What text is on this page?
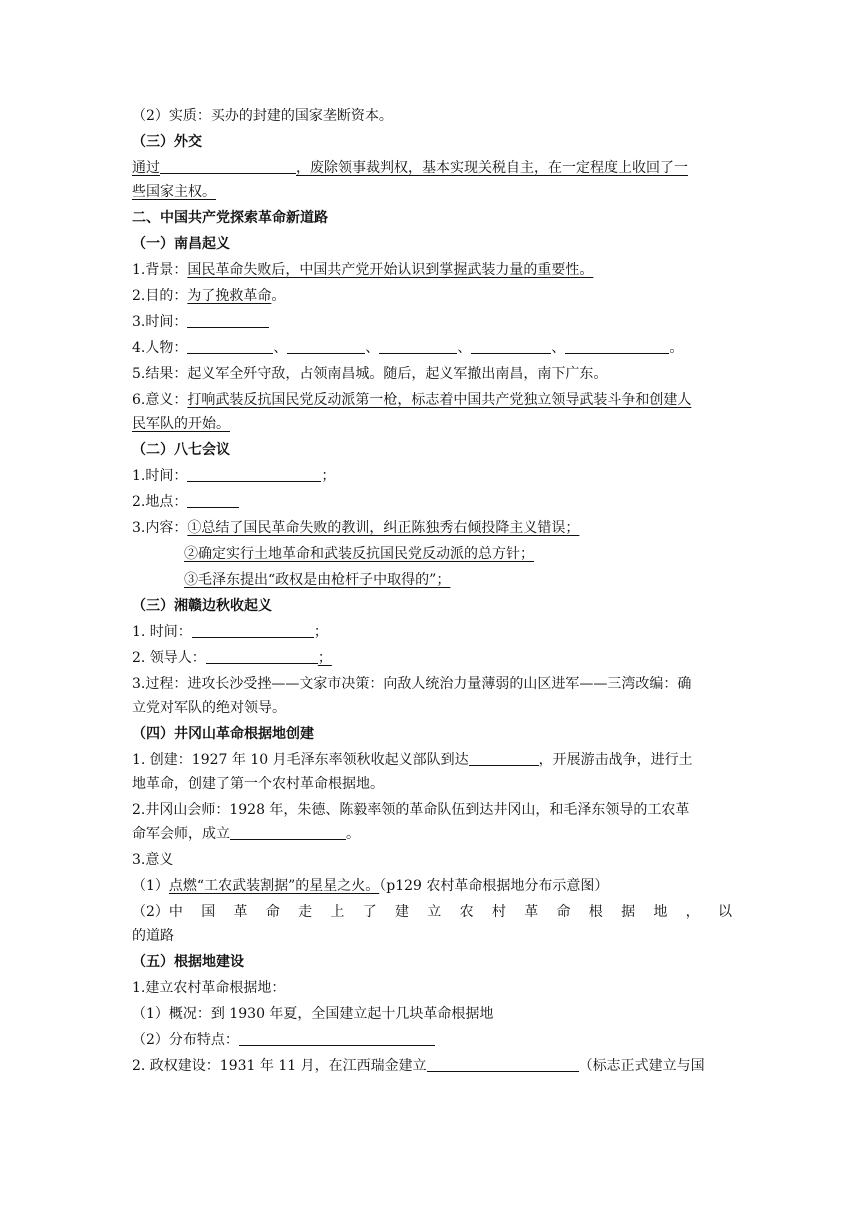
（2）实质：买办的封建的国家垄断资本。

（三）外交

通过	，废除领事裁判权，基本实现关税自主，在一定程度上收回了一

些国家主权。

二、中国共产党探索革命新道路

（一）南昌起义

1.背景：国民革命失败后，中国共产党开始认识到掌握武装力量的重要性。

2.目的：为了挽救革命。

3.时间：

4.人物：	、	、	、	、	。

5.结果：起义军全歼守敌，占领南昌城。随后，起义军撤出南昌，南下广东。

6.意义：打响武装反抗国民党反动派第一枪，标志着中国共产党独立领导武装斗争和创建人

民军队的开始。

（二）八七会议

1.时间：	；

2.地点：

3.内容：①总结了国民革命失败的教训，纠正陈独秀右倾投降主义错误；

②确定实行土地革命和武装反抗国民党反动派的总方针；

③毛泽东提出“政权是由枪杆子中取得的”；

（三）湘赣边秋收起义

1. 时间：	；

2. 领导人：	；

3.过程：进攻长沙受挫——文家市决策：向敌人统治力量薄弱的山区进军——三湾改编：确

立党对军队的绝对领导。

（四）井冈山革命根据地创建

1. 创建：1927 年 10 月毛泽东率领秋收起义部队到达	，开展游击战争，进行土

地革命，创建了第一个农村革命根据地。

2.井冈山会师：1928 年，朱德、陈毅率领的革命队伍到达井冈山，和毛泽东领导的工农革

命军会师，成立	。

3.意义

（1）点燃“工农武装割据”的星星之火。（p129 农村革命根据地分布示意图）

（2）中 国 革 命 走 上 了 建 立 农 村 革 命 根 据 地 ， 以

的道路

（五）根据地建设

1.建立农村革命根据地：

（1）概况：到 1930 年夏，全国建立起十几块革命根据地

（2）分布特点：

2. 政权建设：1931 年 11 月，在江西瑞金建立	（标志正式建立与国
